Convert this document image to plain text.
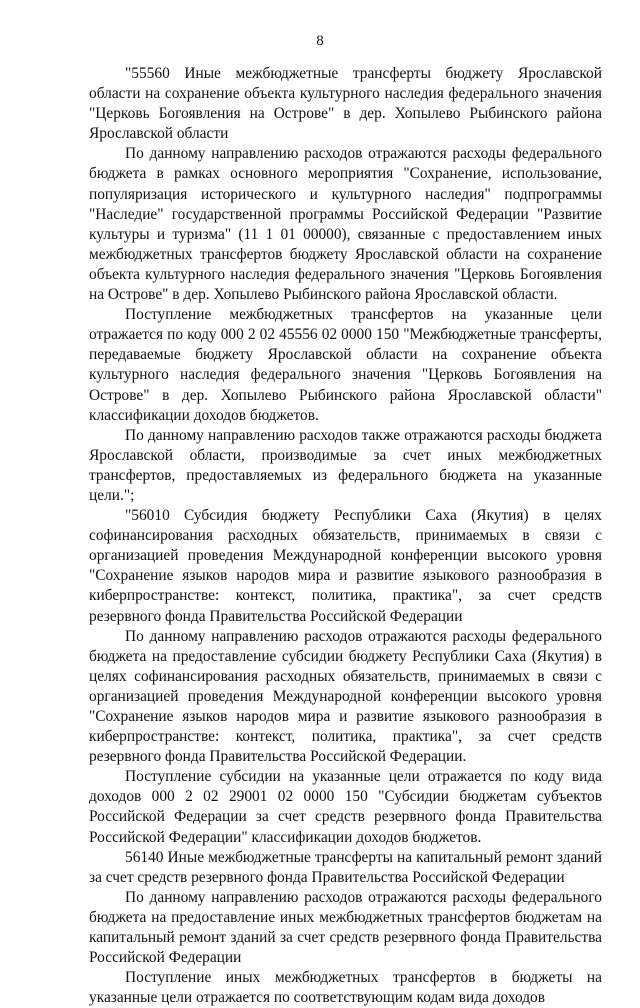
8

"55560 Иные межбюджетные трансферты бюджету Ярославской области на сохранение объекта культурного наследия федерального значения "Церковь Богоявления на Острове" в дер. Хопылево Рыбинского района Ярославской области

По данному направлению расходов отражаются расходы федерального бюджета в рамках основного мероприятия "Сохранение, использование, популяризация исторического и культурного наследия" подпрограммы "Наследие" государственной программы Российской Федерации "Развитие культуры и туризма" (11 1 01 00000), связанные с предоставлением иных межбюджетных трансфертов бюджету Ярославской области на сохранение объекта культурного наследия федерального значения "Церковь Богоявления на Острове" в дер. Хопылево Рыбинского района Ярославской области.

Поступление межбюджетных трансфертов на указанные цели отражается по коду 000 2 02 45556 02 0000 150 "Межбюджетные трансферты, передаваемые бюджету Ярославской области на сохранение объекта культурного наследия федерального значения "Церковь Богоявления на Острове" в дер. Хопылево Рыбинского района Ярославской области" классификации доходов бюджетов.

По данному направлению расходов также отражаются расходы бюджета Ярославской области, производимые за счет иных межбюджетных трансфертов, предоставляемых из федерального бюджета на указанные цели.";

"56010 Субсидия бюджету Республики Саха (Якутия) в целях софинансирования расходных обязательств, принимаемых в связи с организацией проведения Международной конференции высокого уровня "Сохранение языков народов мира и развитие языкового разнообразия в киберпространстве: контекст, политика, практика", за счет средств резервного фонда Правительства Российской Федерации

По данному направлению расходов отражаются расходы федерального бюджета на предоставление субсидии бюджету Республики Саха (Якутия) в целях софинансирования расходных обязательств, принимаемых в связи с организацией проведения Международной конференции высокого уровня "Сохранение языков народов мира и развитие языкового разнообразия в киберпространстве: контекст, политика, практика", за счет средств резервного фонда Правительства Российской Федерации.

Поступление субсидии на указанные цели отражается по коду вида доходов 000 2 02 29001 02 0000 150 "Субсидии бюджетам субъектов Российской Федерации за счет средств резервного фонда Правительства Российской Федерации" классификации доходов бюджетов.

56140 Иные межбюджетные трансферты на капитальный ремонт зданий за счет средств резервного фонда Правительства Российской Федерации

По данному направлению расходов отражаются расходы федерального бюджета на предоставление иных межбюджетных трансфертов бюджетам на капитальный ремонт зданий за счет средств резервного фонда Правительства Российской Федерации

Поступление иных межбюджетных трансфертов в бюджеты на указанные цели отражается по соответствующим кодам вида доходов
